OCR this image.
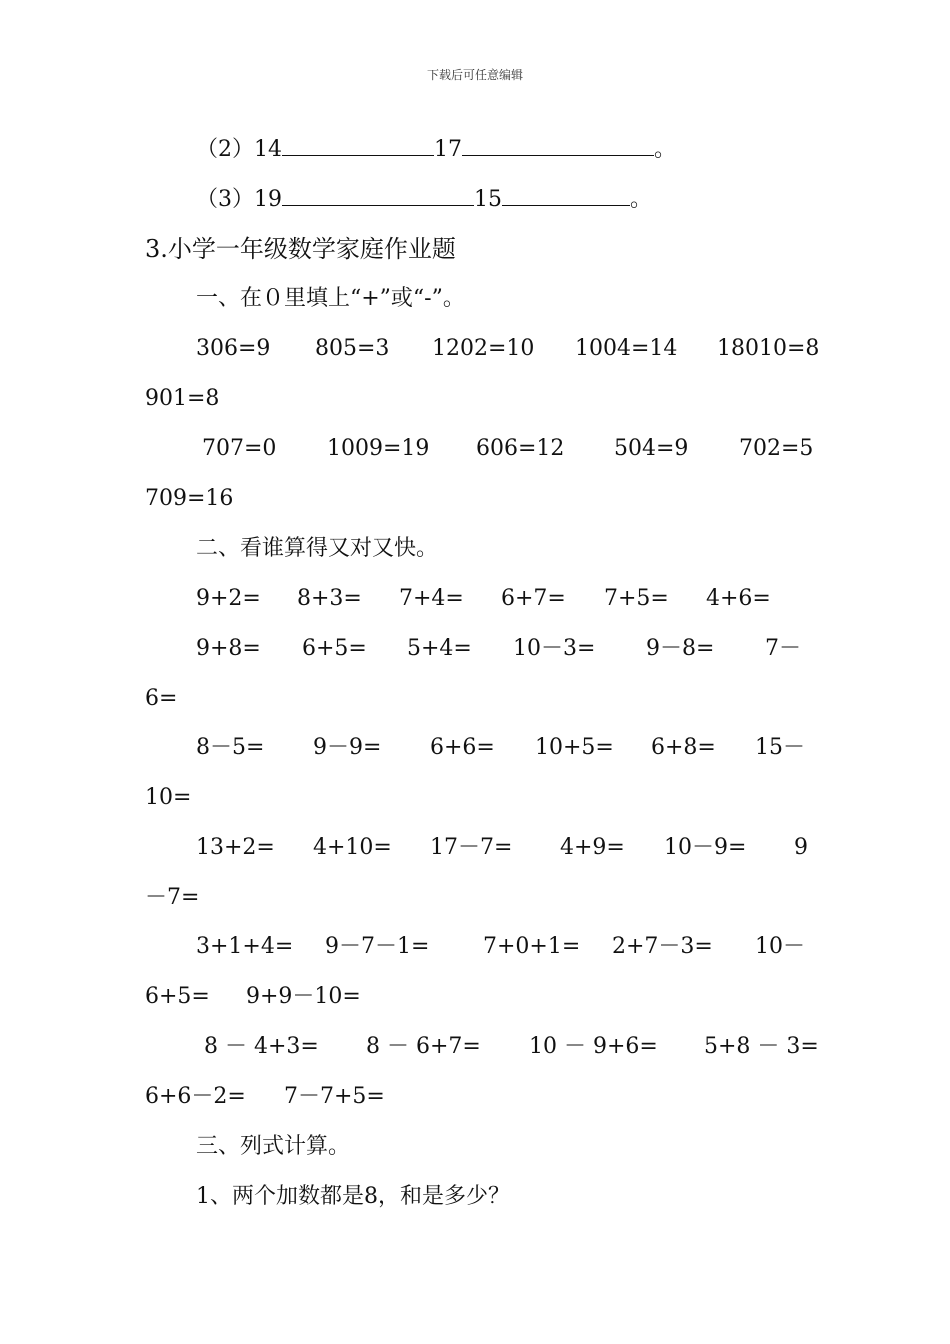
下载后可任意编辑
（2）14	17	。
（3）19	15	。
3.小学一年级数学家庭作业题
一、在０里填上“+”或“-”。
306=9 805=3 1202=10 1004=14 18010=8
901=8
707=0 1009=19 606=12 504=9 702=5
709=16
二、看谁算得又对又快。
9+2= 8+3= 7+4= 6+7= 7+5= 4+6=
9+8= 6+5= 5+4= 10－3= 9－8= 7－
6=
8－5= 9－9= 6+6= 10+5= 6+8= 15－
10=
13+2= 4+10= 17－7= 4+9= 10－9= 9
－7=
3+1+4= 9－7－1= 7+0+1= 2+7－3= 10－
6+5= 9+9－10=
8 － 4+3= 8 － 6+7= 10 － 9+6= 5+8 － 3=
6+6－2= 7－7+5=
三、列式计算。
1、两个加数都是8，和是多少？
